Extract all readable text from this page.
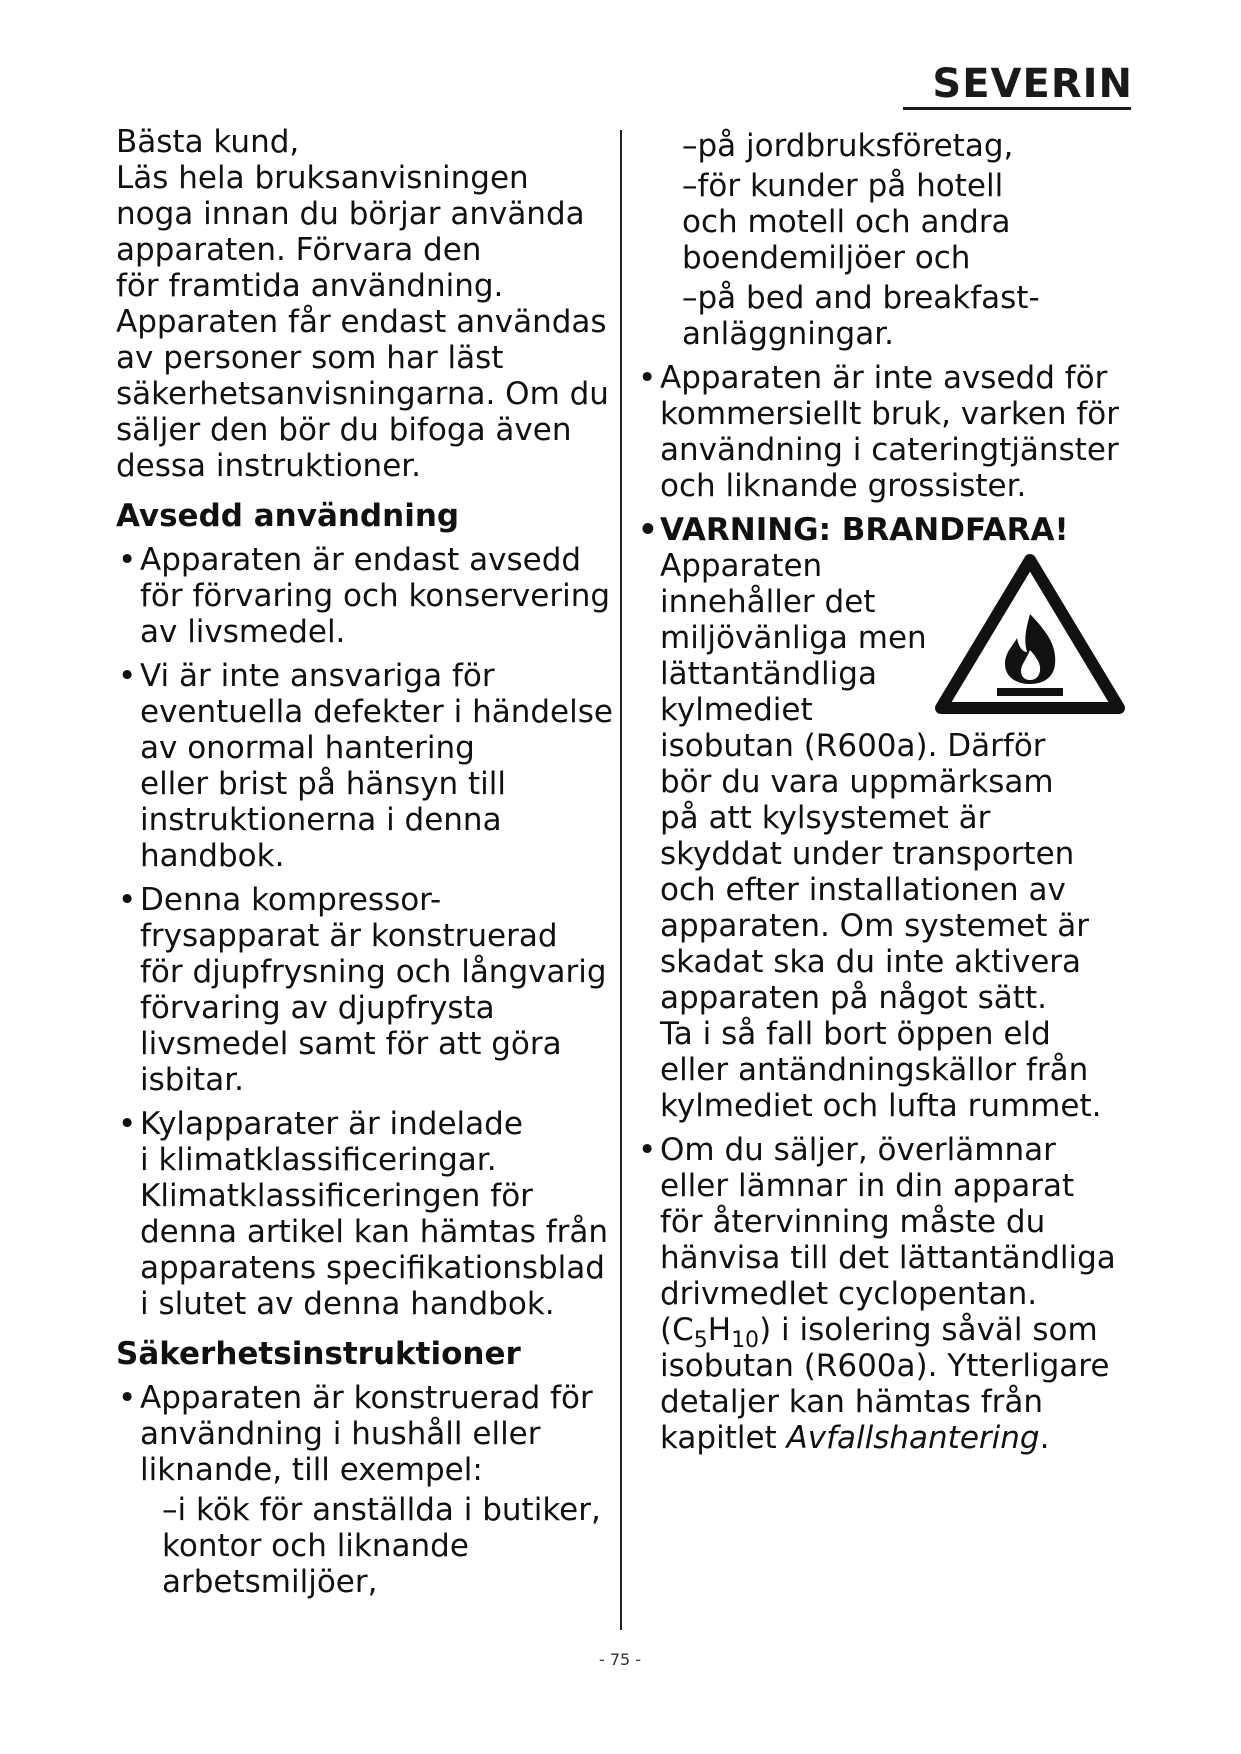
SEVERIN

Bästa kund,

Läs hela bruksanvisningen
noga innan du börjar använda
apparaten. Förvara den
för framtida användning.
Apparaten får endast användas
av personer som har läst
säkerhetsanvisningarna. Om du
säljer den bör du bifoga även
dessa instruktioner.

Avsedd användning

• Apparaten är endast avsedd
för förvaring och konservering
av livsmedel.

• Vi är inte ansvariga för
eventuella defekter i händelse
av onormal hantering
eller brist på hänsyn till
instruktionerna i denna
handbok.

• Denna kompressor-
frysapparat är konstruerad
för djupfrysning och långvarig
förvaring av djupfrysta
livsmedel samt för att göra
isbitar.

• Kylapparater är indelade
i klimatklassificeringar.
Klimatklassificeringen för
denna artikel kan hämtas från
apparatens specifikationsblad
i slutet av denna handbok.

Säkerhetsinstruktioner

• Apparaten är konstruerad för
användning i hushåll eller
liknande, till exempel:

–i kök för anställda i butiker,
kontor och liknande
arbetsmiljöer,

–på jordbruksföretag,

–för kunder på hotell
och motell och andra
boendemiljöer och

–på bed and breakfast-
anläggningar.

• Apparaten är inte avsedd för
kommersiellt bruk, varken för
användning i cateringtjänster
och liknande grossister.

• VARNING: BRANDFARA!

Apparaten
innehåller det
miljövänliga men
lättantändliga
kylmediet

isobutan (R600a). Därför
bör du vara uppmärksam
på att kylsystemet är
skyddat under transporten
och efter installationen av
apparaten. Om systemet är
skadat ska du inte aktivera
apparaten på något sätt.
Ta i så fall bort öppen eld
eller antändningskällor från
kylmediet och lufta rummet.

• Om du säljer, överlämnar
eller lämnar in din apparat
för återvinning måste du
hänvisa till det lättantändliga
drivmedlet cyclopentan.

$(C_5H_{10})$ i isolering såväl som

isobutan (R600a). Ytterligare
detaljer kan hämtas från

kapitlet Avfallshantering.

- 75 -
